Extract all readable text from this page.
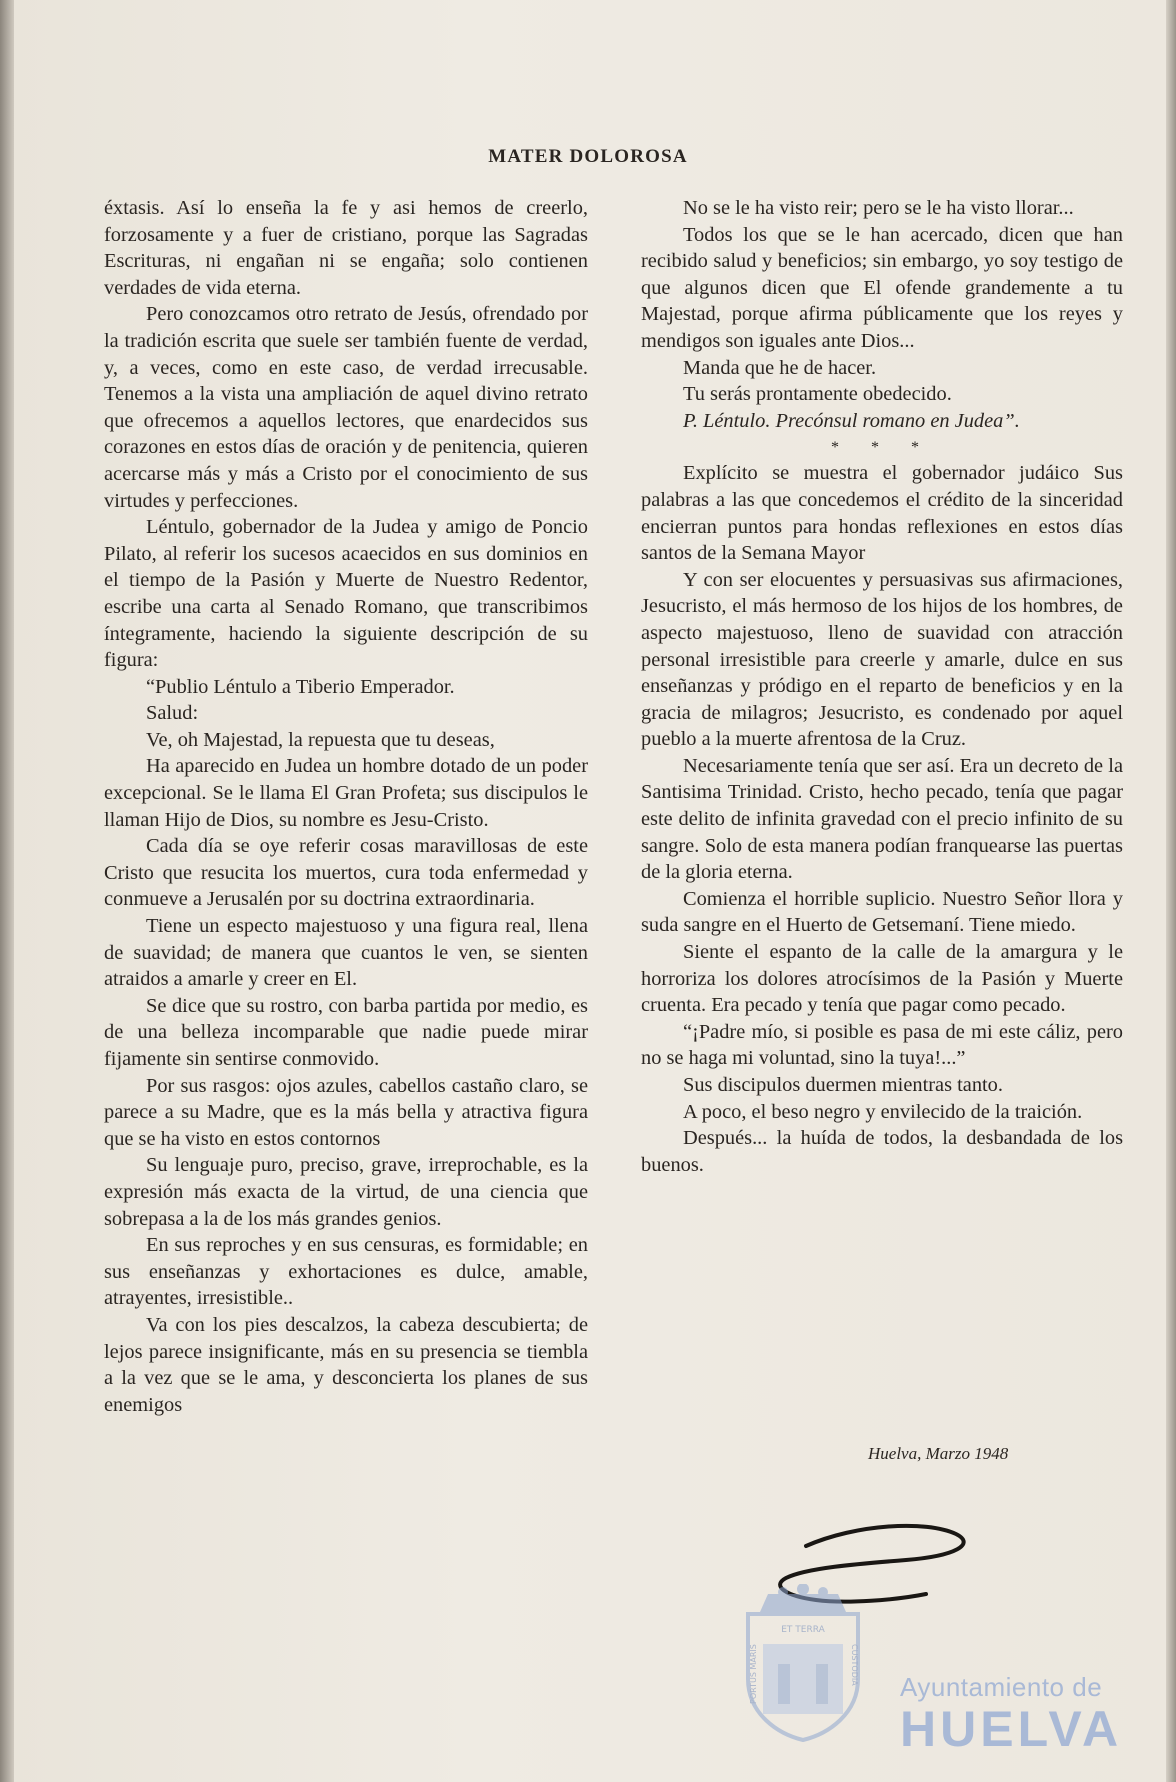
MATER DOLOROSA

éxtasis. Así lo enseña la fe y asi hemos de creerlo, forzosamente y a fuer de cristiano, porque las Sagradas Escrituras, ni engañan ni se engaña; solo contienen verdades de vida eterna.

Pero conozcamos otro retrato de Jesús, ofrendado por la tradición escrita que suele ser también fuente de verdad, y, a veces, como en este caso, de verdad irrecusable. Tenemos a la vista una ampliación de aquel divino retrato que ofrecemos a aquellos lectores, que enardecidos sus corazones en estos días de oración y de penitencia, quieren acercarse más y más a Cristo por el conocimiento de sus virtudes y perfecciones.

Léntulo, gobernador de la Judea y amigo de Poncio Pilato, al referir los sucesos acaecidos en sus dominios en el tiempo de la Pasión y Muerte de Nuestro Redentor, escribe una carta al Senado Romano, que transcribimos íntegramente, haciendo la siguiente descripción de su figura:

“Publio Léntulo a Tiberio Emperador.

Salud:

Ve, oh Majestad, la repuesta que tu deseas,

Ha aparecido en Judea un hombre dotado de un poder excepcional. Se le llama El Gran Profeta; sus discipulos le llaman Hijo de Dios, su nombre es Jesu-Cristo.

Cada día se oye referir cosas maravillosas de este Cristo que resucita los muertos, cura toda enfermedad y conmueve a Jerusalén por su doctrina extraordinaria.

Tiene un especto majestuoso y una figura real, llena de suavidad; de manera que cuantos le ven, se sienten atraidos a amarle y creer en El.

Se dice que su rostro, con barba partida por medio, es de una belleza incomparable que nadie puede mirar fijamente sin sentirse conmovido.

Por sus rasgos: ojos azules, cabellos castaño claro, se parece a su Madre, que es la más bella y atractiva figura que se ha visto en estos contornos

Su lenguaje puro, preciso, grave, irreprochable, es la expresión más exacta de la virtud, de una ciencia que sobrepasa a la de los más grandes genios.

En sus reproches y en sus censuras, es formidable; en sus enseñanzas y exhortaciones es dulce, amable, atrayentes, irresistible..

Va con los pies descalzos, la cabeza descubierta; de lejos parece insignificante, más en su presencia se tiembla a la vez que se le ama, y desconcierta los planes de sus enemigos

No se le ha visto reir; pero se le ha visto llorar...

Todos los que se le han acercado, dicen que han recibido salud y beneficios; sin embargo, yo soy testigo de que algunos dicen que El ofende grandemente a tu Majestad, porque afirma públicamente que los reyes y mendigos son iguales ante Dios...

Manda que he de hacer.

Tu serás prontamente obedecido.

P. Léntulo. Precónsul romano en Judea”.

* * *

Explícito se muestra el gobernador judáico Sus palabras a las que concedemos el crédito de la sinceridad encierran puntos para hondas reflexiones en estos días santos de la Semana Mayor

Y con ser elocuentes y persuasivas sus afirmaciones, Jesucristo, el más hermoso de los hijos de los hombres, de aspecto majestuoso, lleno de suavidad con atracción personal irresistible para creerle y amarle, dulce en sus enseñanzas y pródigo en el reparto de beneficios y en la gracia de milagros; Jesucristo, es condenado por aquel pueblo a la muerte afrentosa de la Cruz.

Necesariamente tenía que ser así. Era un decreto de la Santisima Trinidad. Cristo, hecho pecado, tenía que pagar este delito de infinita gravedad con el precio infinito de su sangre. Solo de esta manera podían franquearse las puertas de la gloria eterna.

Comienza el horrible suplicio. Nuestro Señor llora y suda sangre en el Huerto de Getsemaní. Tiene miedo.

Siente el espanto de la calle de la amargura y le horroriza los dolores atrocísimos de la Pasión y Muerte cruenta. Era pecado y tenía que pagar como pecado.

“¡Padre mío, si posible es pasa de mi este cáliz, pero no se haga mi voluntad, sino la tuya!...”

Sus discipulos duermen mientras tanto.

A poco, el beso negro y envilecido de la traición.

Después... la huída de todos, la desbandada de los buenos.

Huelva, Marzo 1948
ET TERRA
PORTUS MARIS	CUSTODIA
Ayuntamiento de
HUELVA
